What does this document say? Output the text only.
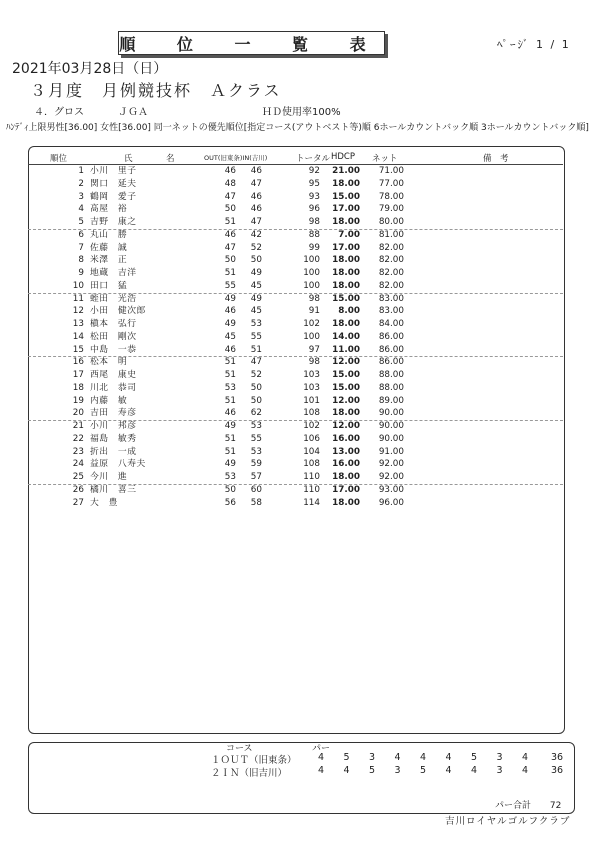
順 位 一 覧 表	ﾍﾟｰｼﾞ 1 / 1
2021年03月28日（日）
３月度　月例競技杯　Ａクラス
４．グロス	ＪＧＡ	ＨＤ使用率100%
ﾊﾝﾃﾞｨ上限男性[36.00] 女性[36.00] 同一ネットの優先順位[指定コース(アウトベスト等)順 6ホールカウントバック順 3ホールカウントバック順]
順位	氏	名	OUT(旧東条)IN(吉川)	トータル HDCP ネット	備　考
1 小川　里子	46	46	92	21.00	71.00
2 関口　延夫	48	47	95	18.00	77.00
3 鶴岡　愛子	47	46	93	15.00	78.00
4 髙屋　裕	50	46	96	17.00	79.00
5 吉野　康之	51	47	98	18.00	80.00
6 丸山　勝	46	42	88	7.00	81.00
7 佐藤　誠	47	52	99	17.00	82.00
8 米澤　正	50	50	100	18.00	82.00
9 地蔵　吉洋	51	49	100	18.00	82.00
10 田口　猛	55	45	100	18.00	82.00
11 蛭田　光浩	49	49	98	15.00	83.00
12 小田　健次郎	46	45	91	8.00	83.00
13 槇本　弘行	49	53	102	18.00	84.00
14 松田　剛次	45	55	100	14.00	86.00
15 中島　一恭	46	51	97	11.00	86.00
16 松本　明	51	47	98	12.00	86.00
17 西尾　康史	51	52	103	15.00	88.00
18 川北　恭司	53	50	103	15.00	88.00
19 内藤　敏	51	50	101	12.00	89.00
20 吉田　寿彦	46	62	108	18.00	90.00
21 小川　邦彦	49	53	102	12.00	90.00
22 福島　敏秀	51	55	106	16.00	90.00
23 折出　一成	51	53	104	13.00	91.00
24 益原　八寿夫	49	59	108	16.00	92.00
25 今川　進	53	57	110	18.00	92.00
26 橘川　喜三	50	60	110	17.00	93.00
27 大　豊	56	58	114	18.00	96.00
コース	パー
１ＯＵＴ（旧東条） 4 5 3 4 4 4 5 3 4 36
２ＩＮ（旧吉川）	4 4 5 3 5 4 4 3 4 36
パー合計 72
吉川ロイヤルゴルフクラブ
